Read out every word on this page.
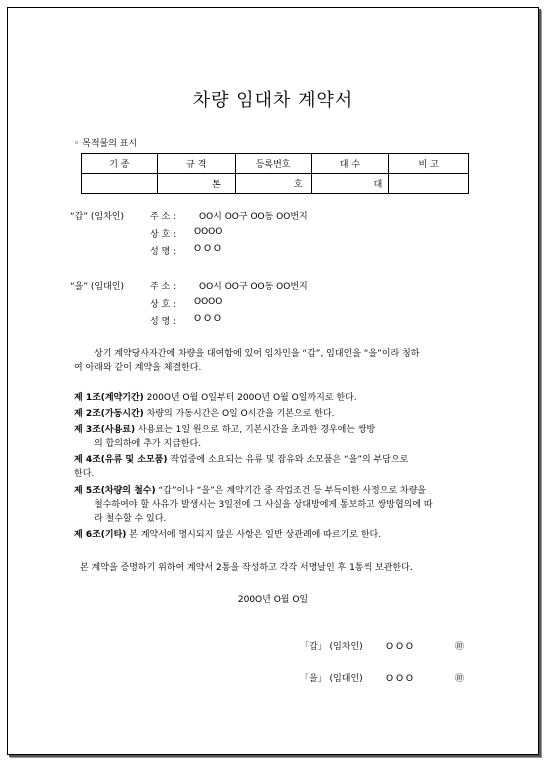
차량 임대차 계약서
◦ 목적물의 표시
기 종	규 격	등록번호	대 수	비 고
	톤	호	대	
“갑” (임차인)	주 소 :	OO시 OO구 OO동 OO번지
상 호 : OOOO
성 명 : O O O
“을” (임대인)	주 소 :	OO시 OO구 OO동 OO번지
상 호 : OOOO
성 명 : O O O
상기 계약당사자간에 차량을 대여함에 있어 임차인을 “갑”, 임대인을 “을”이라 칭하
여 아래와 같이 계약을 체결한다.
제 1조(계약기간) 200O년 O월 O일부터 200O년 O월 O일까지로 한다.
제 2조(가동시간) 차량의 가동시간은 O일 O시간을 기본으로 한다.
제 3조(사용료) 사용료는 1일 원으로 하고, 기본시간을 초과한 경우에는 쌍방
의 합의하에 추가 지급한다.
제 4조(유류 및 소모품) 작업중에 소요되는 유류 및 잡유와 소모품은 “을”의 부담으로
한다.
제 5조(차량의 철수) “갑”이나 “을”은 계약기간 중 작업조건 등 부득이한 사정으로 차량을
철수하여야 할 사유가 발생시는 3일전에 그 사실을 상대방에게 통보하고 쌍방협의에 따
라 철수할 수 있다.
제 6조(기타) 본 계약서에 명시되지 않은 사항은 일반 상관례에 따르기로 한다.
본 계약을 증명하기 위하여 계약서 2통을 작성하고 각각 서명날인 후 1통씩 보관한다.
200O년 O월 O일
「갑」 (임차인)	O O O	㊞
「을」 (임대인)	O O O	㊞
